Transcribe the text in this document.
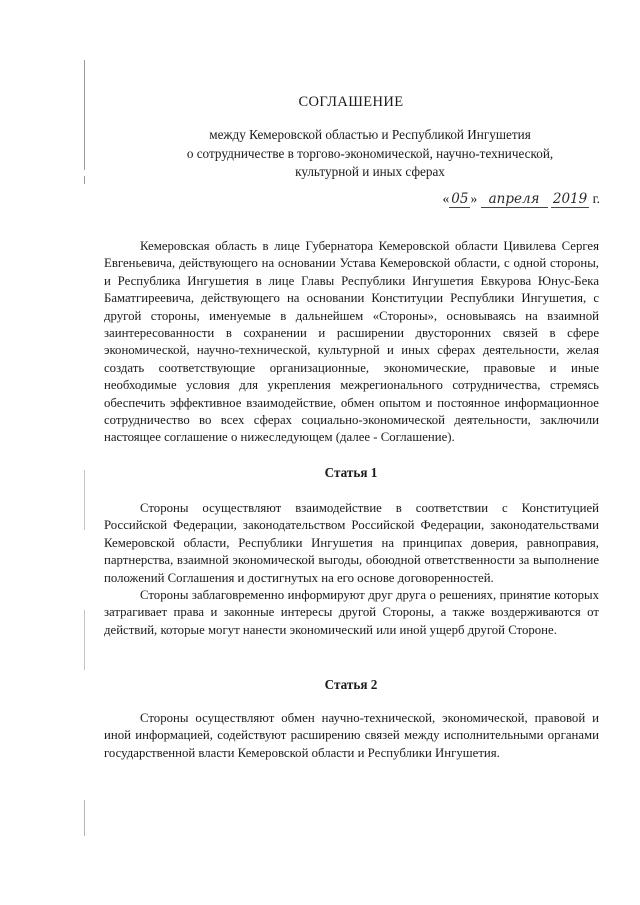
СОГЛАШЕНИЕ
между Кемеровской областью и Республикой Ингушетия
о сотрудничестве в торгово-экономической, научно-технической,
культурной и иных сферах
« 05 » апреля 2019 г.

Кемеровская область в лице Губернатора Кемеровской области Цивилева Сергея Евгеньевича, действующего на основании Устава Кемеровской области, с одной стороны, и Республика Ингушетия в лице Главы Республики Ингушетия Евкурова Юнус-Бека Баматгиреевича, действующего на основании Конституции Республики Ингушетия, с другой стороны, именуемые в дальнейшем «Стороны», основываясь на взаимной заинтересованности в сохранении и расширении двусторонних связей в сфере экономической, научно-технической, культурной и иных сферах деятельности, желая создать соответствующие организационные, экономические, правовые и иные необходимые условия для укрепления межрегионального сотрудничества, стремясь обеспечить эффективное взаимодействие, обмен опытом и постоянное информационное сотрудничество во всех сферах социально-экономической деятельности, заключили настоящее соглашение о нижеследующем (далее - Соглашение).

Статья 1

Стороны осуществляют взаимодействие в соответствии с Конституцией Российской Федерации, законодательством Российской Федерации, законодательствами Кемеровской области, Республики Ингушетия на принципах доверия, равноправия, партнерства, взаимной экономической выгоды, обоюдной ответственности за выполнение положений Соглашения и достигнутых на его основе договоренностей.

Стороны заблаговременно информируют друг друга о решениях, принятие которых затрагивает права и законные интересы другой Стороны, а также воздерживаются от действий, которые могут нанести экономический или иной ущерб другой Стороне.

Статья 2

Стороны осуществляют обмен научно-технической, экономической, правовой и иной информацией, содействуют расширению связей между исполнительными органами государственной власти Кемеровской области и Республики Ингушетия.
